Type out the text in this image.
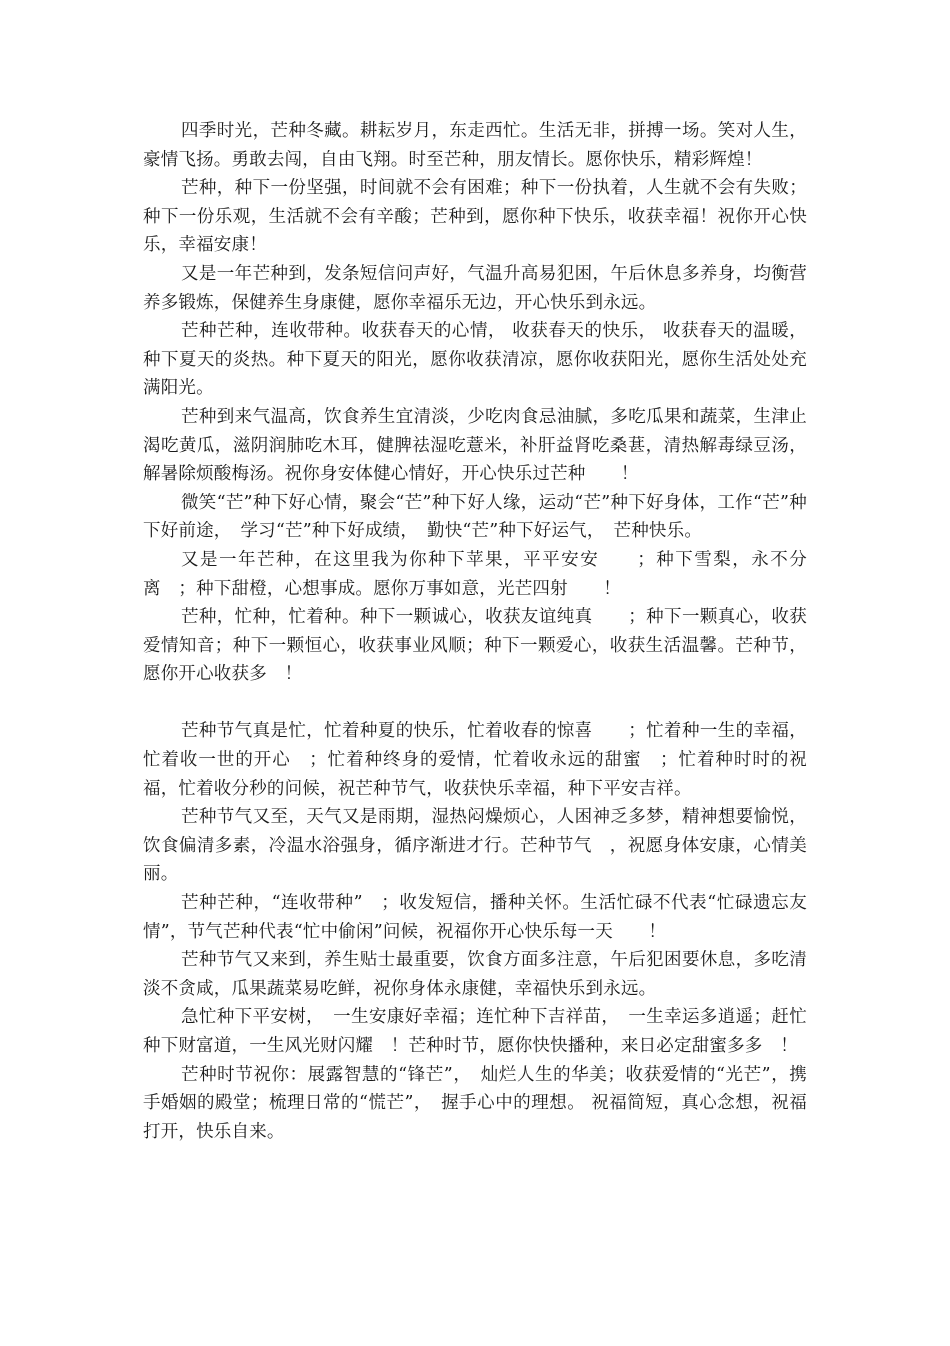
四季时光，芒种冬藏。耕耘岁月，东走西忙。生活无非，拼搏一场。笑对人生，豪情飞扬。勇敢去闯，自由飞翔。时至芒种，朋友情长。愿你快乐，精彩辉煌！

芒种，种下一份坚强，时间就不会有困难；种下一份执着，人生就不会有失败；种下一份乐观，生活就不会有辛酸；芒种到，愿你种下快乐，收获幸福！祝你开心快乐，幸福安康！

又是一年芒种到，发条短信问声好，气温升高易犯困，午后休息多养身，均衡营养多锻炼，保健养生身康健，愿你幸福乐无边，开心快乐到永远。

芒种芒种，连收带种。收获春天的心情， 收获春天的快乐， 收获春天的温暖，种下夏天的炎热。种下夏天的阳光，愿你收获清凉，愿你收获阳光，愿你生活处处充满阳光。

芒种到来气温高，饮食养生宜清淡，少吃肉食忌油腻，多吃瓜果和蔬菜，生津止渴吃黄瓜，滋阴润肺吃木耳，健脾祛湿吃薏米，补肝益肾吃桑葚，清热解毒绿豆汤，解暑除烦酸梅汤。祝你身安体健心情好，开心快乐过芒种　　！

微笑“芒”种下好心情，聚会“芒”种下好人缘，运动“芒”种下好身体，工作“芒”种下好前途，　学习“芒”种下好成绩，　勤快“芒”种下好运气，　芒种快乐。

又是一年芒种，在这里我为你种下苹果，平平安安　　；种下雪梨，永不分离　；种下甜橙，心想事成。愿你万事如意，光芒四射　　！

芒种，忙种，忙着种。种下一颗诚心，收获友谊纯真　　；种下一颗真心，收获爱情知音；种下一颗恒心，收获事业风顺；种下一颗爱心，收获生活温馨。芒种节，愿你开心收获多　！

芒种节气真是忙，忙着种夏的快乐，忙着收春的惊喜　　；忙着种一生的幸福，忙着收一世的开心　；忙着种终身的爱情，忙着收永远的甜蜜　；忙着种时时的祝福，忙着收分秒的问候，祝芒种节气，收获快乐幸福，种下平安吉祥。

芒种节气又至，天气又是雨期，湿热闷燥烦心，人困神乏多梦，精神想要愉悦，饮食偏清多素，冷温水浴强身，循序渐进才行。芒种节气　，祝愿身体安康，心情美丽。

芒种芒种，“连收带种”　；收发短信，播种关怀。生活忙碌不代表“忙碌遗忘友情”，节气芒种代表“忙中偷闲”问候，祝福你开心快乐每一天　　！

芒种节气又来到，养生贴士最重要，饮食方面多注意，午后犯困要休息，多吃清淡不贪咸，瓜果蔬菜易吃鲜，祝你身体永康健，幸福快乐到永远。

急忙种下平安树，　一生安康好幸福；连忙种下吉祥苗，　一生幸运多逍遥；赶忙种下财富道，一生风光财闪耀　！芒种时节，愿你快快播种，来日必定甜蜜多多　！

芒种时节祝你：展露智慧的“锋芒”，　灿烂人生的华美；收获爱情的“光芒”，携手婚姻的殿堂；梳理日常的“慌芒”，　握手心中的理想。 祝福简短，真心念想，祝福打开，快乐自来。
